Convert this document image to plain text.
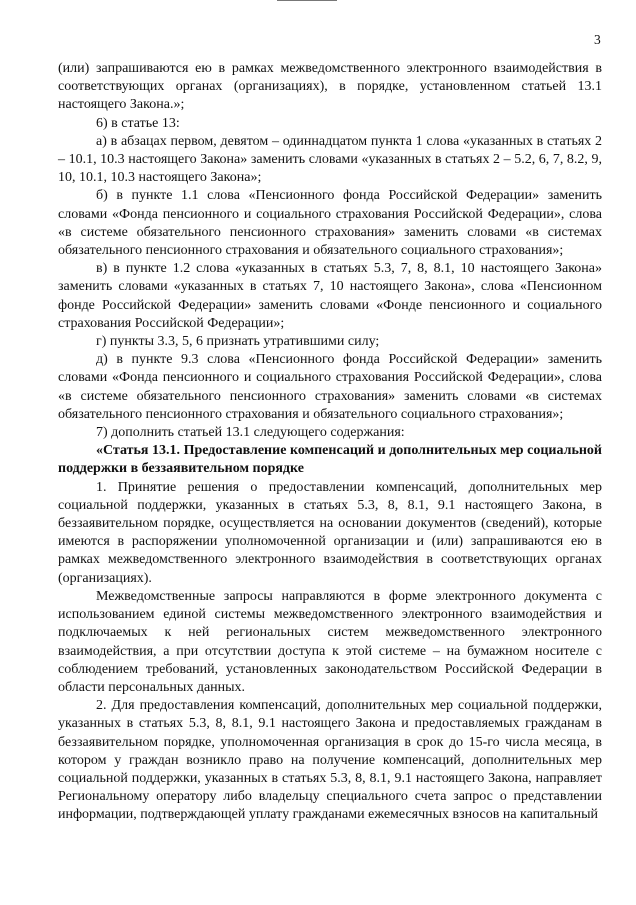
3

(или) запрашиваются ею в рамках межведомственного электронного взаимодействия в соответствующих органах (организациях), в порядке, установленном статьей 13.1 настоящего Закона.»;

6) в статье 13:

а) в абзацах первом, девятом – одиннадцатом пункта 1 слова «указанных в статьях 2 – 10.1, 10.3 настоящего Закона» заменить словами «указанных в статьях 2 – 5.2, 6, 7, 8.2, 9, 10, 10.1, 10.3 настоящего Закона»;

б) в пункте 1.1 слова «Пенсионного фонда Российской Федерации» заменить словами «Фонда пенсионного и социального страхования Российской Федерации», слова «в системе обязательного пенсионного страхования» заменить словами «в системах обязательного пенсионного страхования и обязательного социального страхования»;

в) в пункте 1.2 слова «указанных в статьях 5.3, 7, 8, 8.1, 10 настоящего Закона» заменить словами «указанных в статьях 7, 10 настоящего Закона», слова «Пенсионном фонде Российской Федерации» заменить словами «Фонде пенсионного и социального страхования Российской Федерации»;

г) пункты 3.3, 5, 6 признать утратившими силу;

д) в пункте 9.3 слова «Пенсионного фонда Российской Федерации» заменить словами «Фонда пенсионного и социального страхования Российской Федерации», слова «в системе обязательного пенсионного страхования» заменить словами «в системах обязательного пенсионного страхования и обязательного социального страхования»;

7) дополнить статьей 13.1 следующего содержания:

«Статья 13.1. Предоставление компенсаций и дополнительных мер социальной поддержки в беззаявительном порядке

1. Принятие решения о предоставлении компенсаций, дополнительных мер социальной поддержки, указанных в статьях 5.3, 8, 8.1, 9.1 настоящего Закона, в беззаявительном порядке, осуществляется на основании документов (сведений), которые имеются в распоряжении уполномоченной организации и (или) запрашиваются ею в рамках межведомственного электронного взаимодействия в соответствующих органах (организациях).

Межведомственные запросы направляются в форме электронного документа с использованием единой системы межведомственного электронного взаимодействия и подключаемых к ней региональных систем межведомственного электронного взаимодействия, а при отсутствии доступа к этой системе – на бумажном носителе с соблюдением требований, установленных законодательством Российской Федерации в области персональных данных.

2. Для предоставления компенсаций, дополнительных мер социальной поддержки, указанных в статьях 5.3, 8, 8.1, 9.1 настоящего Закона и предоставляемых гражданам в беззаявительном порядке, уполномоченная организация в срок до 15-го числа месяца, в котором у граждан возникло право на получение компенсаций, дополнительных мер социальной поддержки, указанных в статьях 5.3, 8, 8.1, 9.1 настоящего Закона, направляет Региональному оператору либо владельцу специального счета запрос о представлении информации, подтверждающей уплату гражданами ежемесячных взносов на капитальный
